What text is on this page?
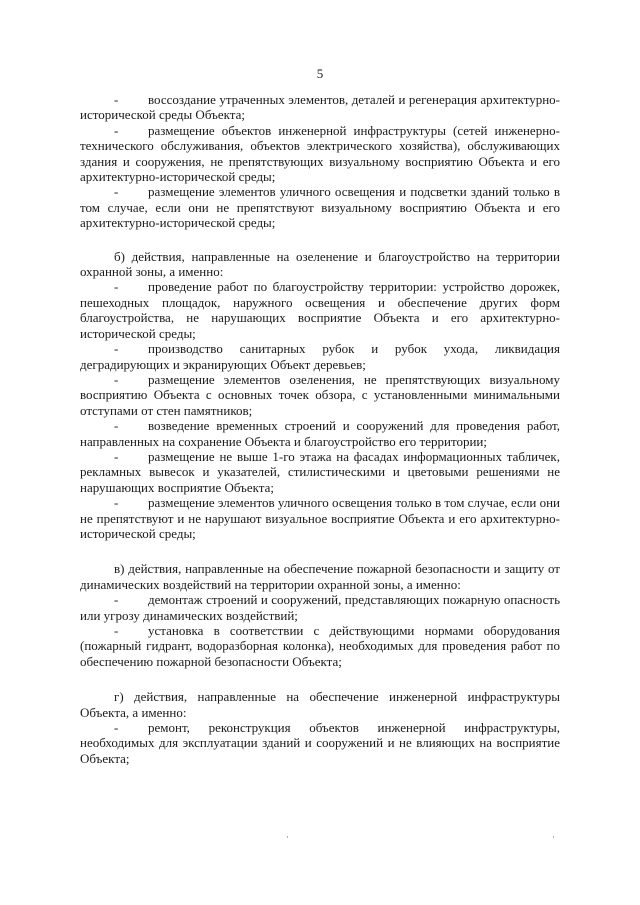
5

- воссоздание утраченных элементов, деталей и регенерация архитектурно-исторической среды Объекта;

- размещение объектов инженерной инфраструктуры (сетей инженерно- технического обслуживания, объектов электрического хозяйства), обслуживающих здания и сооружения, не препятствующих визуальному восприятию Объекта и его архитектурно-исторической среды;

- размещение элементов уличного освещения и подсветки зданий только в том случае, если они не препятствуют визуальному восприятию Объекта и его архитектурно-исторической среды;

б) действия, направленные на озеленение и благоустройство на территории охранной зоны, а именно:

- проведение работ по благоустройству территории: устройство дорожек, пешеходных площадок, наружного освещения и обеспечение других форм благоустройства, не нарушающих восприятие Объекта и его архитектурно-исторической среды;

- производство санитарных рубок и рубок ухода, ликвидация деградирующих и экранирующих Объект деревьев;

- размещение элементов озеленения, не препятствующих визуальному восприятию Объекта с основных точек обзора, с установленными минимальными отступами от стен памятников;

- возведение временных строений и сооружений для проведения работ, направленных на сохранение Объекта и благоустройство его территории;

- размещение не выше 1-го этажа на фасадах информационных табличек, рекламных вывесок и указателей, стилистическими и цветовыми решениями не нарушающих восприятие Объекта;

- размещение элементов уличного освещения только в том случае, если они не препятствуют и не нарушают визуальное восприятие Объекта и его архитектурно-исторической среды;

в) действия, направленные на обеспечение пожарной безопасности и защиту от динамических воздействий на территории охранной зоны, а именно:

- демонтаж строений и сооружений, представляющих пожарную опасность или угрозу динамических воздействий;

- установка в соответствии с действующими нормами оборудования (пожарный гидрант, водоразборная колонка), необходимых для проведения работ по обеспечению пожарной безопасности Объекта;

г) действия, направленные на обеспечение инженерной инфраструктуры Объекта, а именно:

- ремонт, реконструкция объектов инженерной инфраструктуры, необходимых для эксплуатации зданий и сооружений и не влияющих на восприятие Объекта;

·	·
